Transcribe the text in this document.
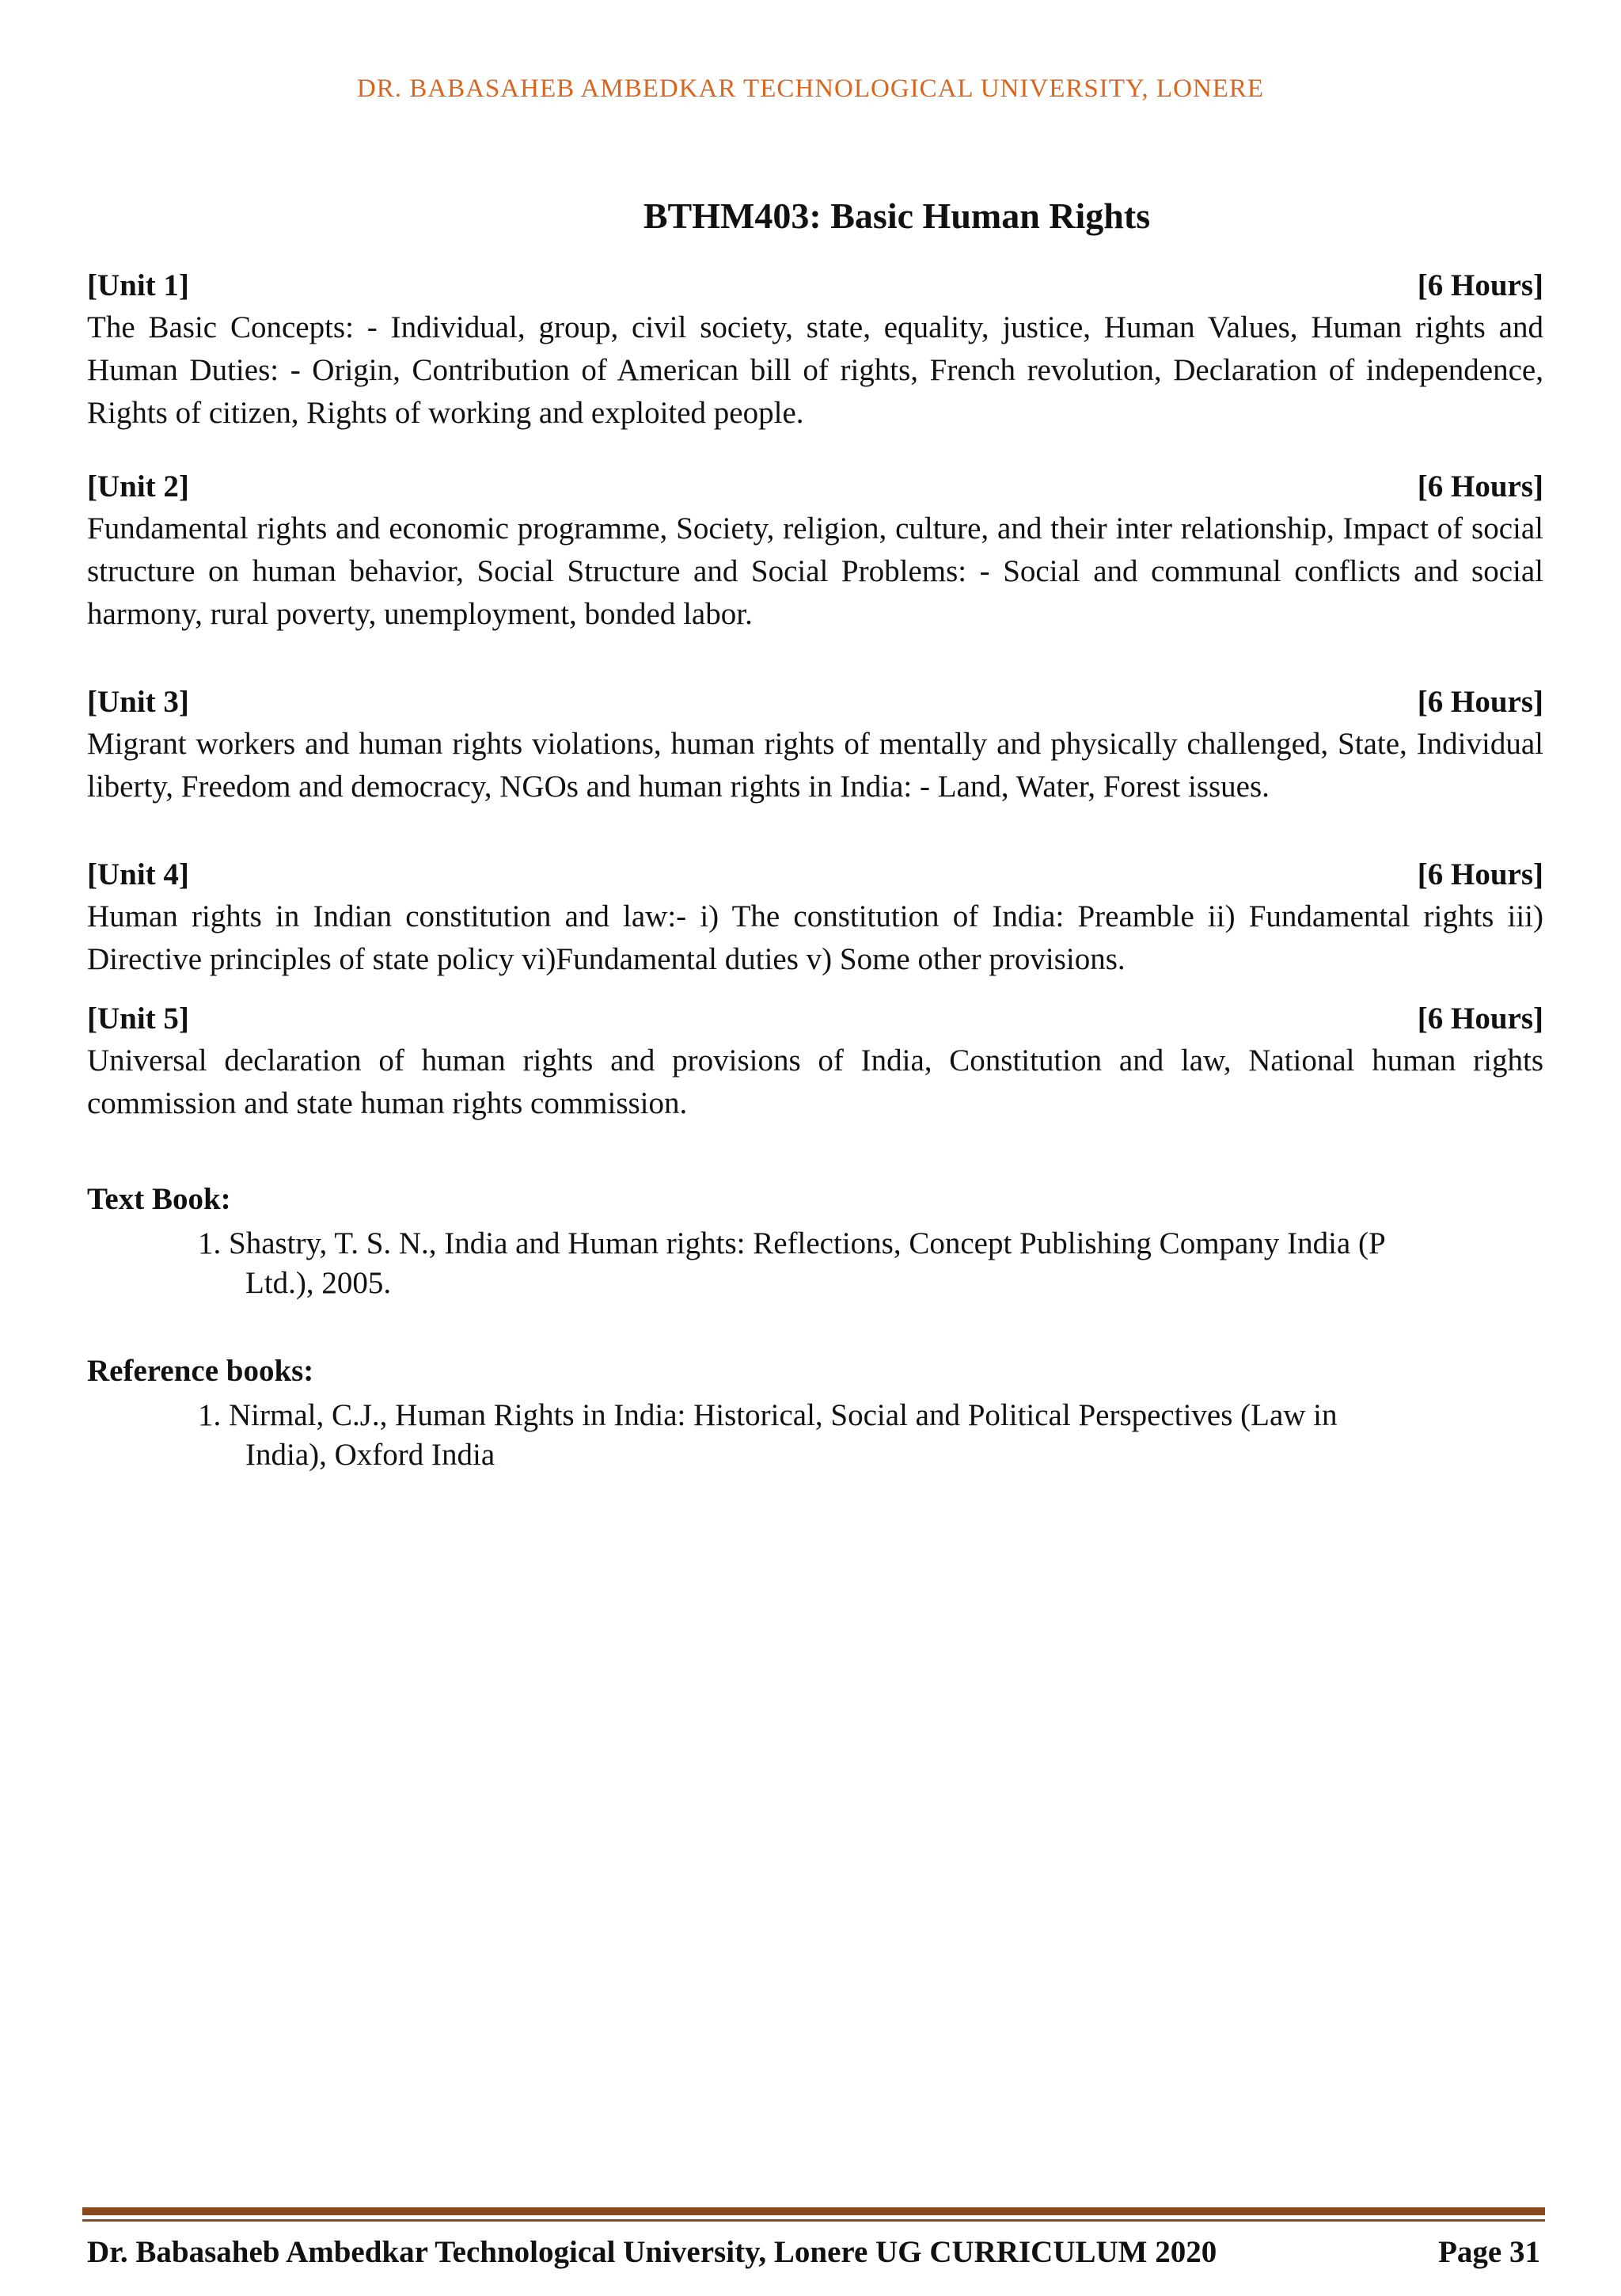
DR. BABASAHEB AMBEDKAR TECHNOLOGICAL UNIVERSITY, LONERE
BTHM403: Basic Human Rights
[Unit 1]	[6 Hours]

The Basic Concepts: - Individual, group, civil society, state, equality, justice, Human Values, Human rights and Human Duties: - Origin, Contribution of American bill of rights, French revolution, Declaration of independence, Rights of citizen, Rights of working and exploited people.

[Unit 2]	[6 Hours]

Fundamental rights and economic programme, Society, religion, culture, and their inter relationship, Impact of social structure on human behavior, Social Structure and Social Problems: - Social and communal conflicts and social harmony, rural poverty, unemployment, bonded labor.

[Unit 3]	[6 Hours]

Migrant workers and human rights violations, human rights of mentally and physically challenged, State, Individual liberty, Freedom and democracy, NGOs and human rights in India: - Land, Water, Forest issues.

[Unit 4]	[6 Hours]

Human rights in Indian constitution and law:- i) The constitution of India: Preamble ii) Fundamental rights iii) Directive principles of state policy vi)Fundamental duties v) Some other provisions.

[Unit 5]	[6 Hours]

Universal declaration of human rights and provisions of India, Constitution and law, National human rights commission and state human rights commission.

Text Book:
1. Shastry, T. S. N., India and Human rights: Reflections, Concept Publishing Company India (P
Ltd.), 2005.
Reference books:
1. Nirmal, C.J., Human Rights in India: Historical, Social and Political Perspectives (Law in
India), Oxford India
Dr. Babasaheb Ambedkar Technological University, Lonere UG CURRICULUM 2020	Page 31
